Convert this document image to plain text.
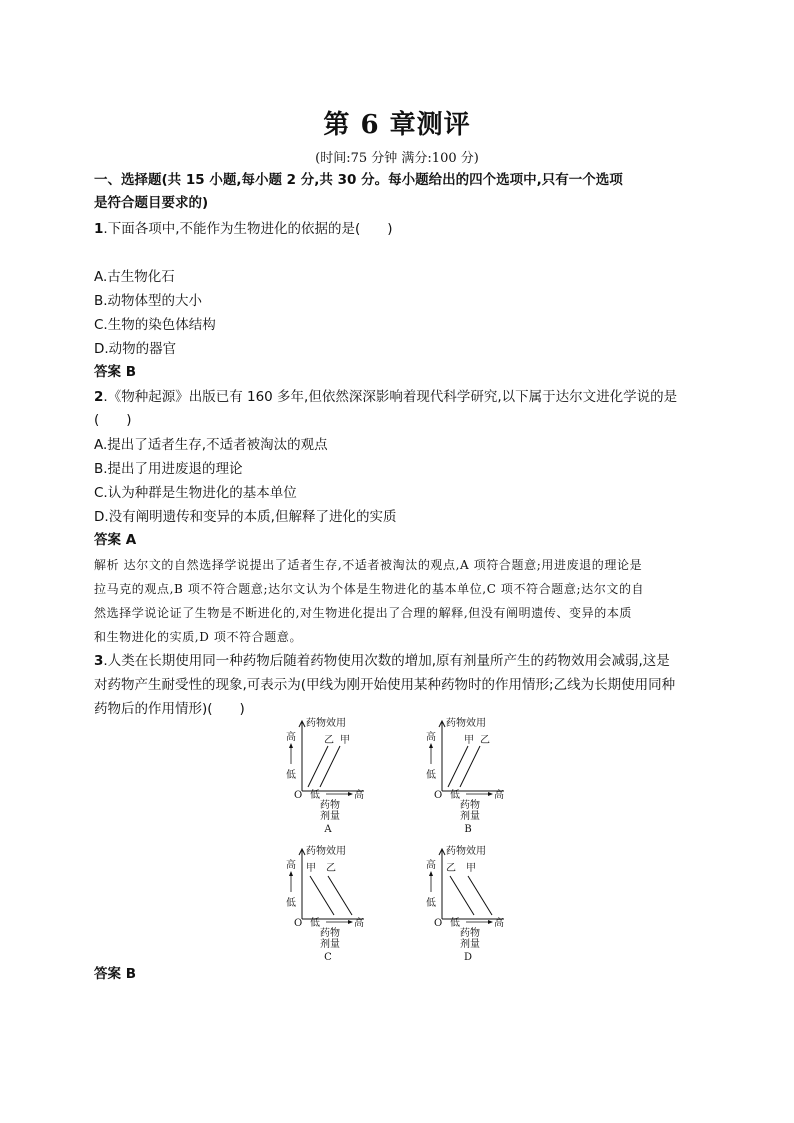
第 6 章测评
(时间:75 分钟 满分:100 分)
一、选择题(共 15 小题,每小题 2 分,共 30 分。每小题给出的四个选项中,只有一个选项
是符合题目要求的)
1.下面各项中,不能作为生物进化的依据的是(　　)
A.古生物化石
B.动物体型的大小
C.生物的染色体结构
D.动物的器官
答案 B
2.《物种起源》出版已有 160 多年,但依然深深影响着现代科学研究,以下属于达尔文进化学说的是
(　　)
A.提出了适者生存,不适者被淘汰的观点
B.提出了用进废退的理论
C.认为种群是生物进化的基本单位
D.没有阐明遗传和变异的本质,但解释了进化的实质
答案 A
解析 达尔文的自然选择学说提出了适者生存,不适者被淘汰的观点,A 项符合题意;用进废退的理论是
拉马克的观点,B 项不符合题意;达尔文认为个体是生物进化的基本单位,C 项不符合题意;达尔文的自
然选择学说论证了生物是不断进化的,对生物进化提出了合理的解释,但没有阐明遗传、变异的本质
和生物进化的实质,D 项不符合题意。
3.人类在长期使用同一种药物后随着药物使用次数的增加,原有剂量所产生的药物效用会减弱,这是
对药物产生耐受性的现象,可表示为(甲线为刚开始使用某种药物时的作用情形;乙线为长期使用同种
药物后的作用情形)(　　)
药物效用
高
低
O 低	高
药物
剂量
A
乙 甲
药物效用
高
低
O 低	高
药物
剂量
B
甲 乙
药物效用
高
低
O 低	高
药物
剂量
C
甲 乙
药物效用
高
低
O 低	高
药物
剂量
D
乙 甲
答案 B
